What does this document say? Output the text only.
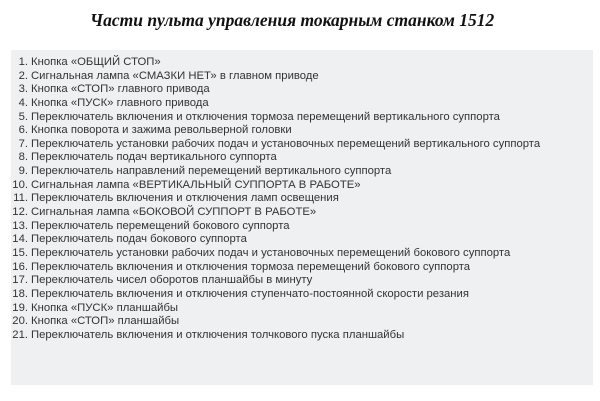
Части пульта управления токарным станком 1512
1. Кнопка «ОБЩИЙ СТОП»
2. Сигнальная лампа «СМАЗКИ НЕТ» в главном приводе
3. Кнопка «СТОП» главного привода
4. Кнопка «ПУСК» главного привода
5. Переключатель включения и отключения тормоза перемещений вертикального суппорта
6. Кнопка поворота и зажима револьверной головки
7. Переключатель установки рабочих подач и установочных перемещений вертикального суппорта
8. Переключатель подач вертикального суппорта
9. Переключатель направлений перемещений вертикального суппорта
10. Сигнальная лампа «ВЕРТИКАЛЬНЫЙ СУППОРТА В РАБОТЕ»
11. Переключатель включения и отключения ламп освещения
12. Сигнальная лампа «БОКОВОЙ СУППОРТ В РАБОТЕ»
13. Переключатель перемещений бокового суппорта
14. Переключатель подач бокового суппорта
15. Переключатель установки рабочих подач и установочных перемещений бокового суппорта
16. Переключатель включения и отключения тормоза перемещений бокового суппорта
17. Переключатель чисел оборотов планшайбы в минуту
18. Переключатель включения и отключения ступенчато-постоянной скорости резания
19. Кнопка «ПУСК» планшайбы
20. Кнопка «СТОП» планшайбы
21. Переключатель включения и отключения толчкового пуска планшайбы
